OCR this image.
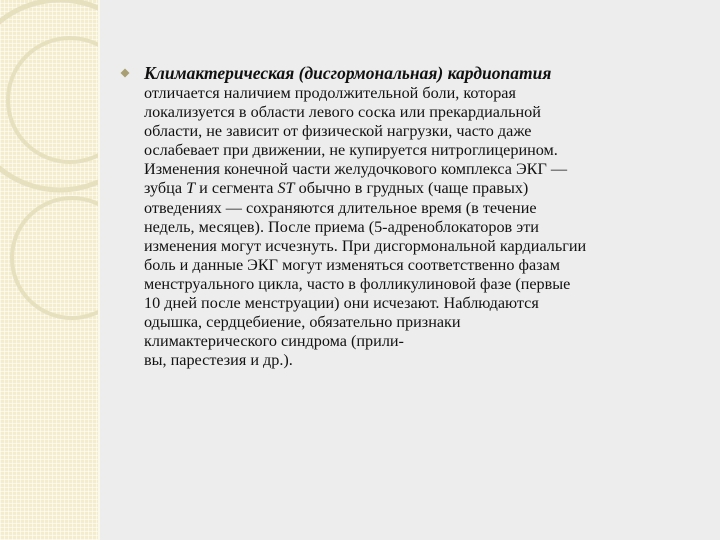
Климактерическая (дисгормональная) кардиопатия

отличается наличием продолжительной боли, которая
локализуется в области левого соска или прекардиальной
области, не зависит от физической нагрузки, часто даже
ослабевает при движении, не купируется нитроглицерином.
Изменения конечной части желудочкового комплекса ЭКГ —
зубца T и сегмента ST обычно в грудных (чаще правых)
отведениях — сохраняются длительное время (в течение
недель, месяцев). После приема (5-адреноблокаторов эти
изменения могут исчезнуть. При дисгормональной кардиальгии
боль и данные ЭКГ могут изменяться соответственно фазам
менструального цикла, часто в фолликулиновой фазе (первые
10 дней после менструации) они исчезают. Наблюдаются
одышка, сердцебиение, обязательно признаки
климактерического синдрома (прили-
вы, парестезия и др.).
